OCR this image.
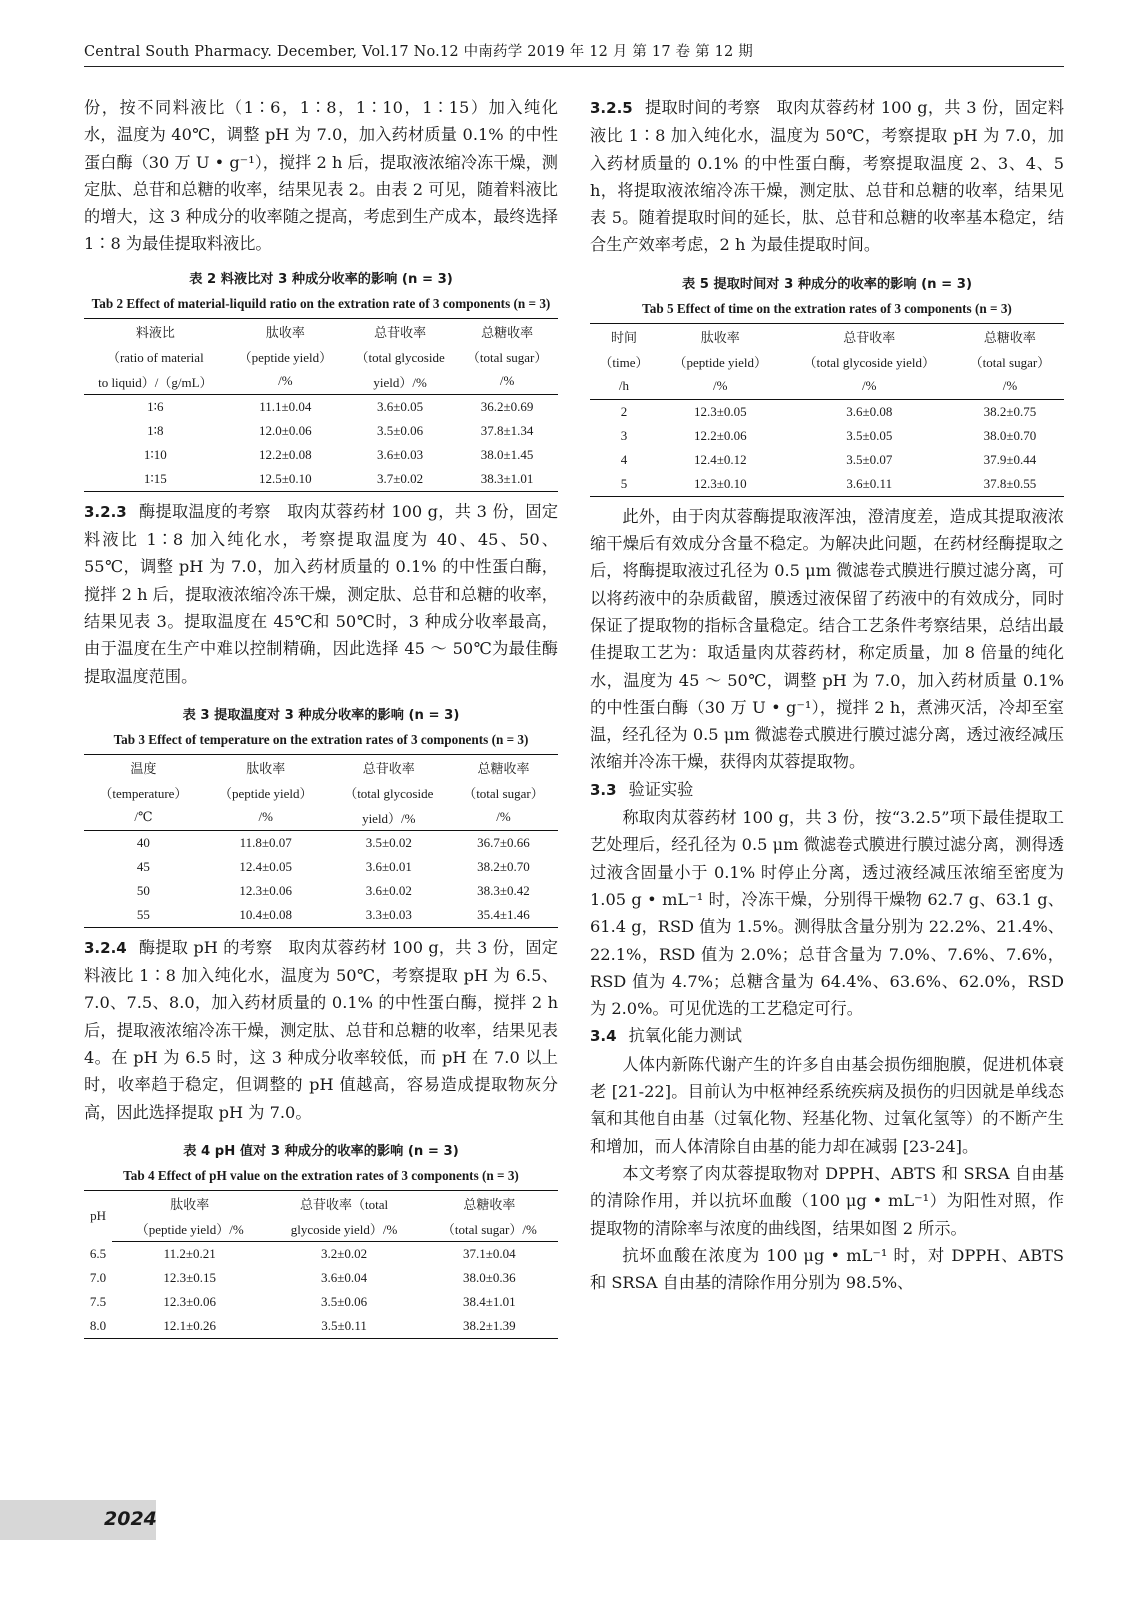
Central South Pharmacy. December, Vol.17 No.12 中南药学 2019 年 12 月 第 17 卷 第 12 期

份，按不同料液比（1∶6，1∶8，1∶10，1∶15）加入纯化水，温度为 40℃，调整 pH 为 7.0，加入药材质量 0.1% 的中性蛋白酶（30 万 U • g⁻¹），搅拌 2 h 后，提取液浓缩冷冻干燥，测定肽、总苷和总糖的收率，结果见表 2。由表 2 可见，随着料液比的增大，这 3 种成分的收率随之提高，考虑到生产成本，最终选择 1∶8 为最佳提取料液比。

表 2 料液比对 3 种成分收率的影响 (n = 3)
Tab 2 Effect of material-liquild ratio on the extration rate of 3 components (n = 3)
料液比	肽收率	总苷收率	总糖收率
（ratio of material	（peptide yield）	（total glycoside	（total sugar）
to liquid）/（g/mL）	/%	yield）/%	/%
1∶6	11.1±0.04	3.6±0.05	36.2±0.69
1∶8	12.0±0.06	3.5±0.06	37.8±1.34
1∶10	12.2±0.08	3.6±0.03	38.0±1.45
1∶15	12.5±0.10	3.7±0.02	38.3±1.01

3.2.3 酶提取温度的考察 取肉苁蓉药材 100 g，共 3 份，固定料液比 1∶8 加入纯化水，考察提取温度为 40、45、50、55℃，调整 pH 为 7.0，加入药材质量的 0.1% 的中性蛋白酶，搅拌 2 h 后，提取液浓缩冷冻干燥，测定肽、总苷和总糖的收率，结果见表 3。提取温度在 45℃和 50℃时，3 种成分收率最高，由于温度在生产中难以控制精确，因此选择 45 ～ 50℃为最佳酶提取温度范围。

表 3 提取温度对 3 种成分收率的影响 (n = 3)
Tab 3 Effect of temperature on the extration rates of 3 components (n = 3)
温度	肽收率	总苷收率	总糖收率
（temperature）	（peptide yield）	（total glycoside	（total sugar）
/℃	/%	yield）/%	/%
40	11.8±0.07	3.5±0.02	36.7±0.66
45	12.4±0.05	3.6±0.01	38.2±0.70
50	12.3±0.06	3.6±0.02	38.3±0.42
55	10.4±0.08	3.3±0.03	35.4±1.46

3.2.4 酶提取 pH 的考察 取肉苁蓉药材 100 g，共 3 份，固定料液比 1∶8 加入纯化水，温度为 50℃，考察提取 pH 为 6.5、7.0、7.5、8.0，加入药材质量的 0.1% 的中性蛋白酶，搅拌 2 h 后，提取液浓缩冷冻干燥，测定肽、总苷和总糖的收率，结果见表 4。在 pH 为 6.5 时，这 3 种成分收率较低，而 pH 在 7.0 以上时，收率趋于稳定，但调整的 pH 值越高，容易造成提取物灰分高，因此选择提取 pH 为 7.0。

表 4 pH 值对 3 种成分的收率的影响 (n = 3)
Tab 4 Effect of pH value on the extration rates of 3 components (n = 3)
pH	肽收率	总苷收率（total	总糖收率
	（peptide yield）/%	glycoside yield）/%	（total sugar）/%
6.5	11.2±0.21	3.2±0.02	37.1±0.04
7.0	12.3±0.15	3.6±0.04	38.0±0.36
7.5	12.3±0.06	3.5±0.06	38.4±1.01
8.0	12.1±0.26	3.5±0.11	38.2±1.39

3.2.5 提取时间的考察 取肉苁蓉药材 100 g，共 3 份，固定料液比 1∶8 加入纯化水，温度为 50℃，考察提取 pH 为 7.0，加入药材质量的 0.1% 的中性蛋白酶，考察提取温度 2、3、4、5 h，将提取液浓缩冷冻干燥，测定肽、总苷和总糖的收率，结果见表 5。随着提取时间的延长，肽、总苷和总糖的收率基本稳定，结合生产效率考虑，2 h 为最佳提取时间。

表 5 提取时间对 3 种成分的收率的影响 (n = 3)
Tab 5 Effect of time on the extration rates of 3 components (n = 3)
时间	肽收率	总苷收率	总糖收率
（time）	（peptide yield）	（total glycoside yield）	（total sugar）
/h	/%	/%	/%
2	12.3±0.05	3.6±0.08	38.2±0.75
3	12.2±0.06	3.5±0.05	38.0±0.70
4	12.4±0.12	3.5±0.07	37.9±0.44
5	12.3±0.10	3.6±0.11	37.8±0.55

此外，由于肉苁蓉酶提取液浑浊，澄清度差，造成其提取液浓缩干燥后有效成分含量不稳定。为解决此问题，在药材经酶提取之后，将酶提取液过孔径为 0.5 μm 微滤卷式膜进行膜过滤分离，可以将药液中的杂质截留，膜透过液保留了药液中的有效成分，同时保证了提取物的指标含量稳定。结合工艺条件考察结果，总结出最佳提取工艺为：取适量肉苁蓉药材，称定质量，加 8 倍量的纯化水，温度为 45 ～ 50℃，调整 pH 为 7.0，加入药材质量 0.1% 的中性蛋白酶（30 万 U • g⁻¹），搅拌 2 h，煮沸灭活，冷却至室温，经孔径为 0.5 μm 微滤卷式膜进行膜过滤分离，透过液经减压浓缩并冷冻干燥，获得肉苁蓉提取物。

3.3 验证实验

称取肉苁蓉药材 100 g，共 3 份，按“3.2.5”项下最佳提取工艺处理后，经孔径为 0.5 μm 微滤卷式膜进行膜过滤分离，测得透过液含固量小于 0.1% 时停止分离，透过液经减压浓缩至密度为 1.05 g • mL⁻¹ 时，冷冻干燥，分别得干燥物 62.7 g、63.1 g、61.4 g，RSD 值为 1.5%。测得肽含量分别为 22.2%、21.4%、22.1%，RSD 值为 2.0%；总苷含量为 7.0%、7.6%、7.6%，RSD 值为 4.7%；总糖含量为 64.4%、63.6%、62.0%，RSD 为 2.0%。可见优选的工艺稳定可行。

3.4 抗氧化能力测试

人体内新陈代谢产生的许多自由基会损伤细胞膜，促进机体衰老 [21-22]。目前认为中枢神经系统疾病及损伤的归因就是单线态氧和其他自由基（过氧化物、羟基化物、过氧化氢等）的不断产生和增加，而人体清除自由基的能力却在减弱 [23-24]。

本文考察了肉苁蓉提取物对 DPPH、ABTS 和 SRSA 自由基的清除作用，并以抗坏血酸（100 μg • mL⁻¹）为阳性对照，作提取物的清除率与浓度的曲线图，结果如图 2 所示。

抗坏血酸在浓度为 100 μg • mL⁻¹ 时，对 DPPH、ABTS 和 SRSA 自由基的清除作用分别为 98.5%、

2024
